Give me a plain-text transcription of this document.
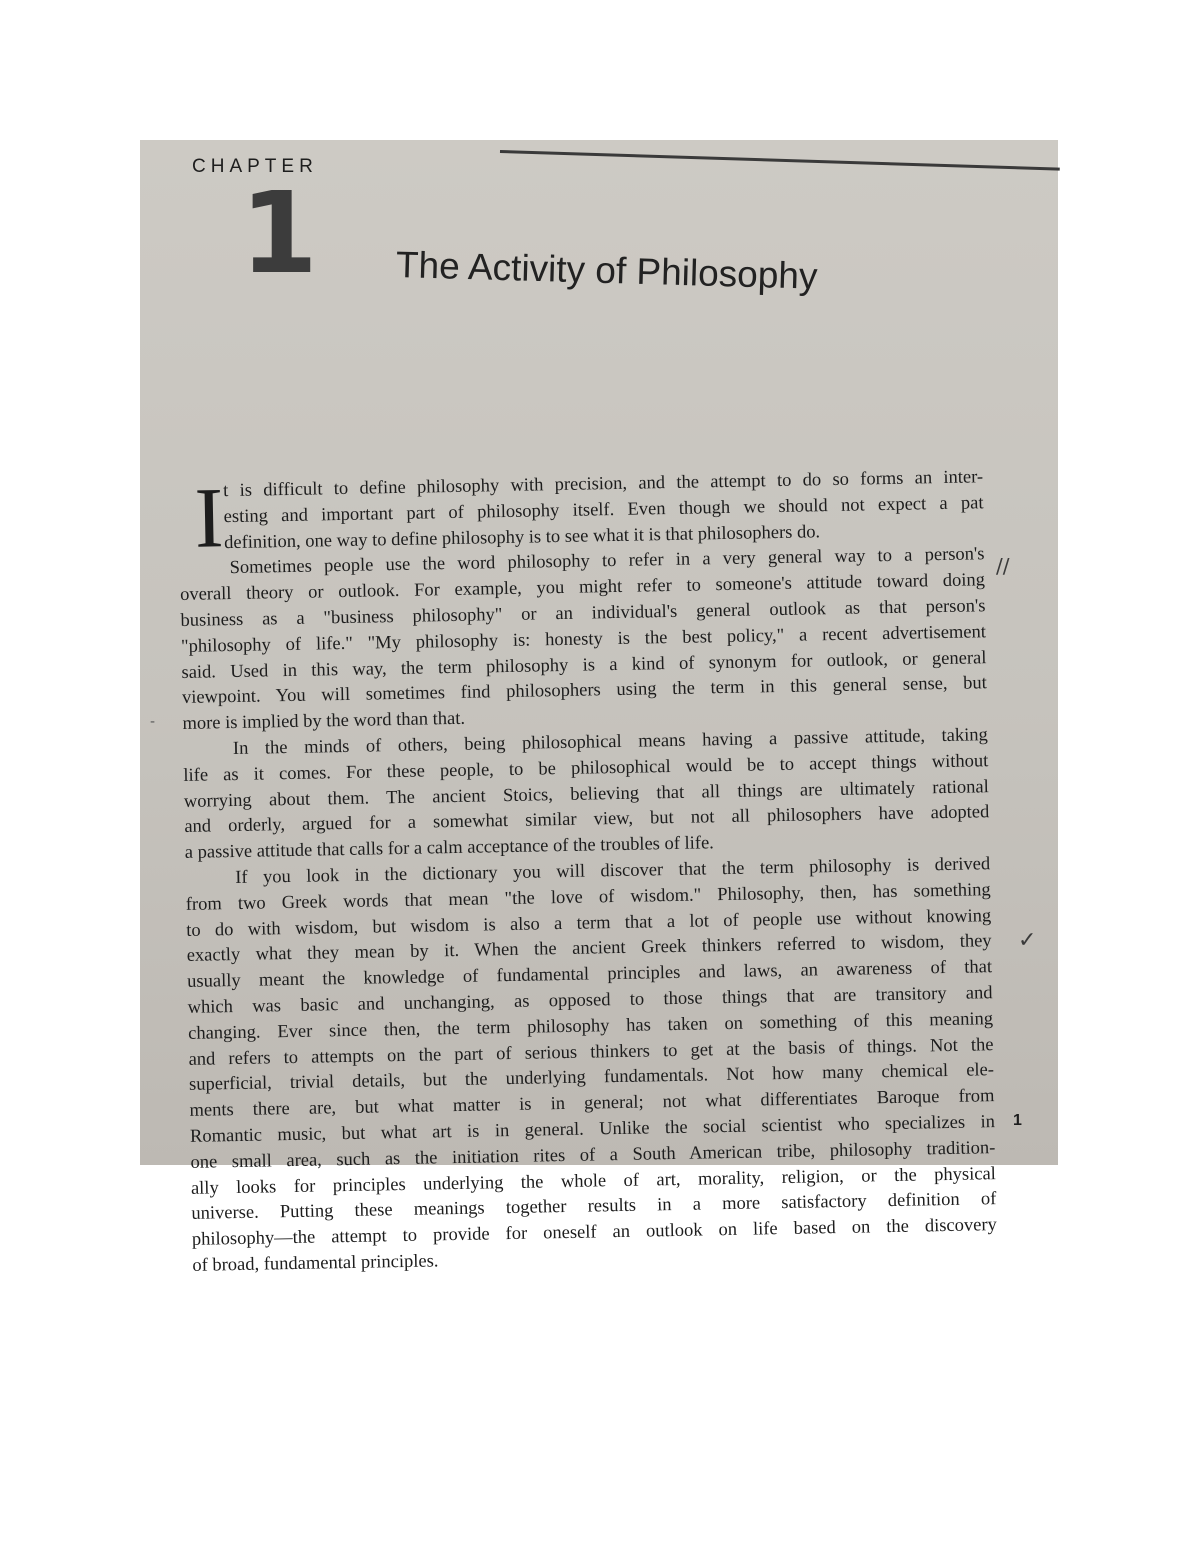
CHAPTER
1 The Activity of Philosophy
I
t is difficult to define philosophy with precision, and the attempt to do so forms an inter-
esting and important part of philosophy itself. Even though we should not expect a pat
definition, one way to define philosophy is to see what it is that philosophers do.
Sometimes people use the word philosophy to refer in a very general way to a person's
overall theory or outlook. For example, you might refer to someone's attitude toward doing
business as a "business philosophy" or an individual's general outlook as that person's
"philosophy of life." "My philosophy is: honesty is the best policy," a recent advertisement
said. Used in this way, the term philosophy is a kind of synonym for outlook, or general
viewpoint. You will sometimes find philosophers using the term in this general sense, but
more is implied by the word than that.
In the minds of others, being philosophical means having a passive attitude, taking
life as it comes. For these people, to be philosophical would be to accept things without
worrying about them. The ancient Stoics, believing that all things are ultimately rational
and orderly, argued for a somewhat similar view, but not all philosophers have adopted
a passive attitude that calls for a calm acceptance of the troubles of life.
If you look in the dictionary you will discover that the term philosophy is derived
from two Greek words that mean "the love of wisdom." Philosophy, then, has something
to do with wisdom, but wisdom is also a term that a lot of people use without knowing
exactly what they mean by it. When the ancient Greek thinkers referred to wisdom, they
usually meant the knowledge of fundamental principles and laws, an awareness of that
which was basic and unchanging, as opposed to those things that are transitory and
changing. Ever since then, the term philosophy has taken on something of this meaning
and refers to attempts on the part of serious thinkers to get at the basis of things. Not the
superficial, trivial details, but the underlying fundamentals. Not how many chemical ele-
ments there are, but what matter is in general; not what differentiates Baroque from
Romantic music, but what art is in general. Unlike the social scientist who specializes in
one small area, such as the initiation rites of a South American tribe, philosophy tradition-
ally looks for principles underlying the whole of art, morality, religion, or the physical
universe. Putting these meanings together results in a more satisfactory definition of
philosophy—the attempt to provide for oneself an outlook on life based on the discovery
of broad, fundamental principles.
//
✓
-
1
